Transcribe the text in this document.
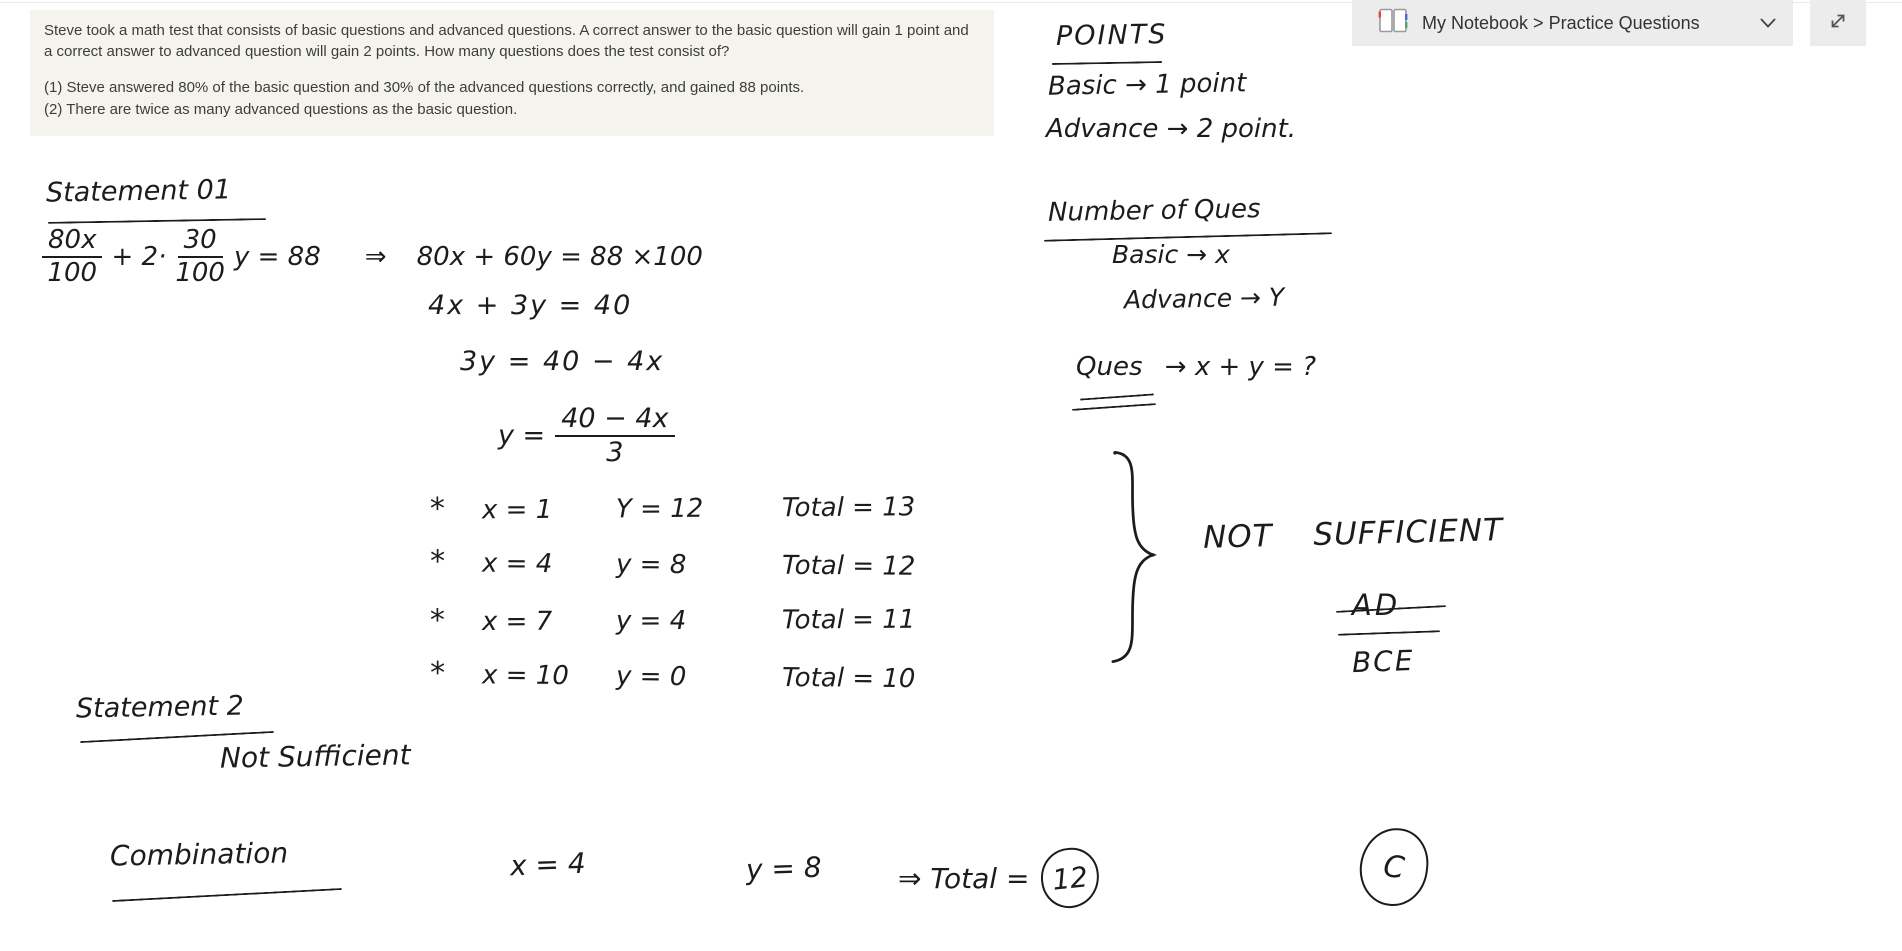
Steve took a math test that consists of basic questions and advanced questions. A correct answer to the basic question will gain 1 point and a correct answer to advanced question will gain 2 points. How many questions does the test consist of?

(1) Steve answered 80% of the basic question and 30% of the advanced questions correctly, and gained 88 points.

(2) There are twice as many advanced questions as the basic question.

My Notebook > Practice Questions
POINTS
Basic → 1 point
Advance → 2 point.
Number of Ques
Basic → x
Advance → Y
Ques → x + y = ?
Statement 01
$\frac{80x}{100} + 2\cdot \frac{30}{100}$ y = 88 ⇒ 80x + 60y = 88 ×100
4x + 3y = 40
3y = 40 − 4x
$y = \frac{40 - 4x}{3}$
*	x = 1	Y = 12	Total = 13
*	x = 4	y = 8	Total = 12
*	x = 7	y = 4	Total = 11
*	x = 10	y = 0	Total = 10
NOT SUFFICIENT
AD
BCE
Statement 2
Not Sufficient
Combination	x = 4	y = 8	⇒ Total = 12	C
